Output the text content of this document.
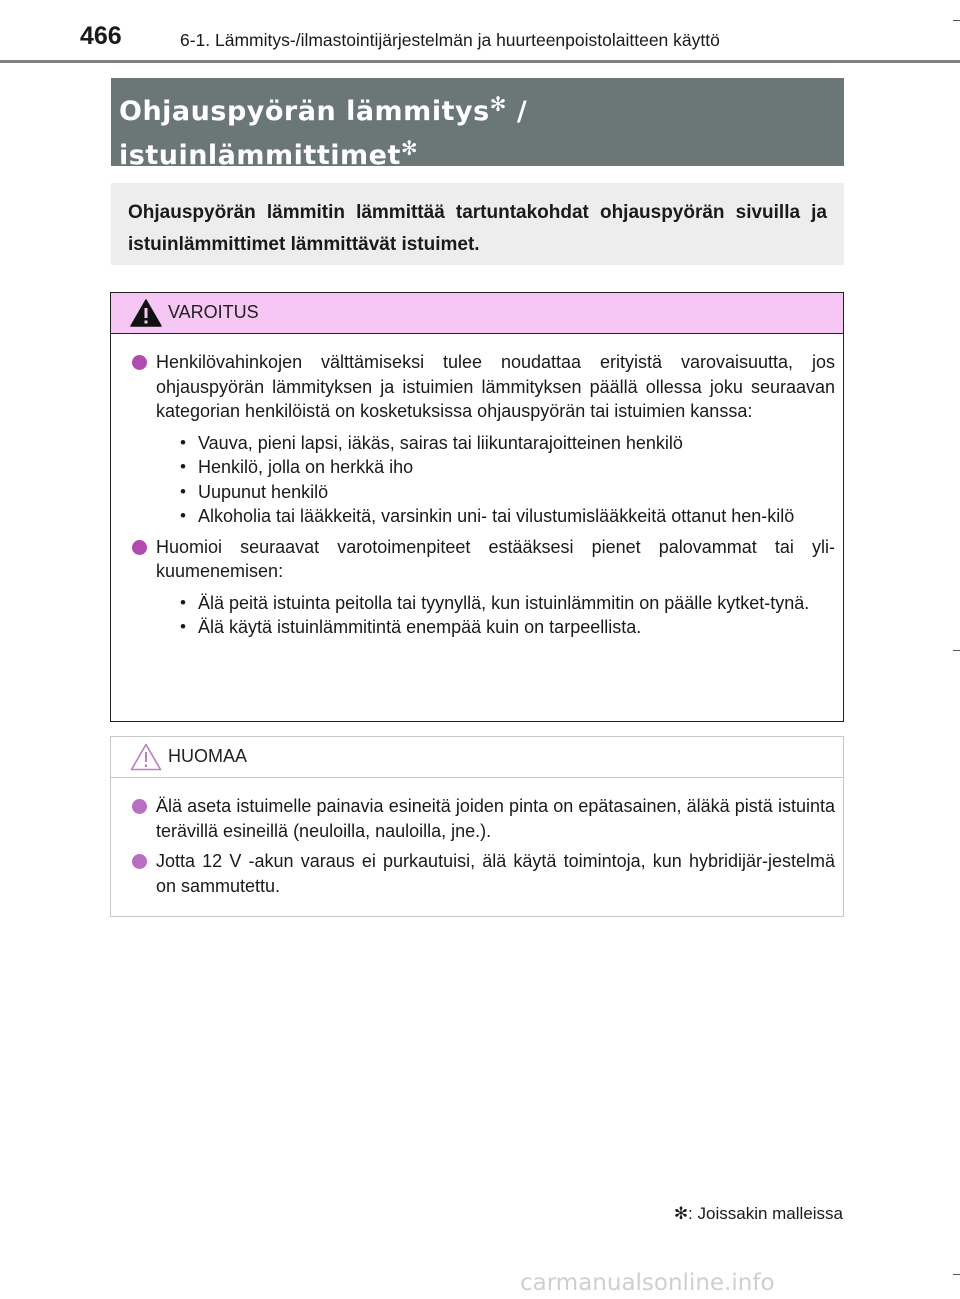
466	6-1. Lämmitys-/ilmastointijärjestelmän ja huurteenpoistolaitteen käyttö
Ohjauspyörän lämmitys✻ /
istuinlämmittimet✻
Ohjauspyörän lämmitin lämmittää tartuntakohdat ohjauspyörän sivuilla ja istuinlämmittimet lämmittävät istuimet.
VAROITUS
Henkilövahinkojen välttämiseksi tulee noudattaa erityistä varovaisuutta, jos ohjauspyörän lämmityksen ja istuimien lämmityksen päällä ollessa joku seuraavan kategorian henkilöistä on kosketuksissa ohjauspyörän tai istuimien kanssa:
• Vauva, pieni lapsi, iäkäs, sairas tai liikuntarajoitteinen henkilö
• Henkilö, jolla on herkkä iho
• Uupunut henkilö
• Alkoholia tai lääkkeitä, varsinkin uni- tai vilustumislääkkeitä ottanut hen-kilö
Huomioi seuraavat varotoimenpiteet estääksesi pienet palovammat tai yli-kuumenemisen:
• Älä peitä istuinta peitolla tai tyynyllä, kun istuinlämmitin on päälle kytket-tynä.
• Älä käytä istuinlämmitintä enempää kuin on tarpeellista.
HUOMAA
Älä aseta istuimelle painavia esineitä joiden pinta on epätasainen, äläkä pistä istuinta terävillä esineillä (neuloilla, nauloilla, jne.).
Jotta 12 V -akun varaus ei purkautuisi, älä käytä toimintoja, kun hybridijär-jestelmä on sammutettu.
✻: Joissakin malleissa
carmanualsonline.info
